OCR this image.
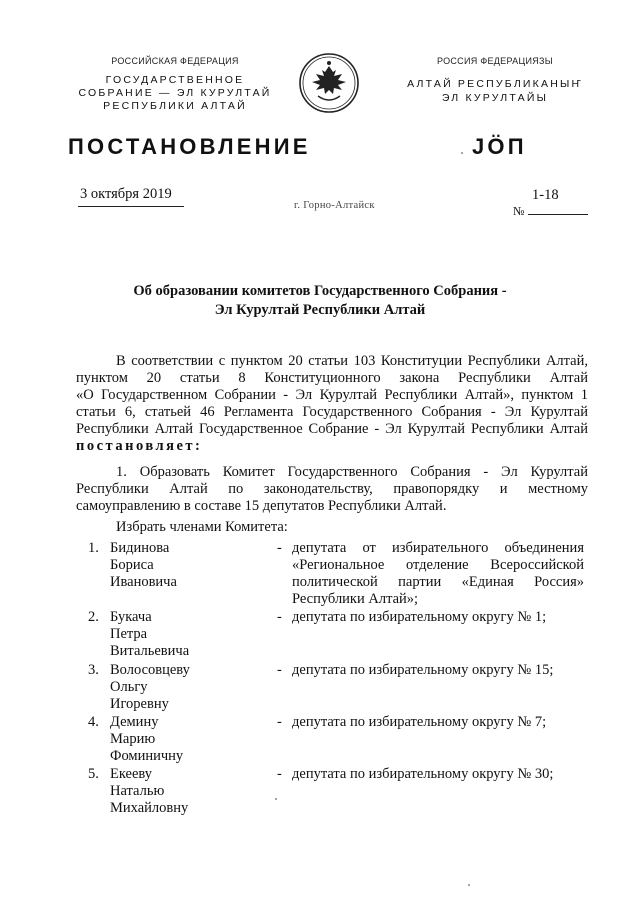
РОССИЙСКАЯ ФЕДЕРАЦИЯ
ГОСУДАРСТВЕННОЕ
СОБРАНИЕ — ЭЛ КУРУЛТАЙ
РЕСПУБЛИКИ АЛТАЙ
РОССИЯ ФЕДЕРАЦИЯЗЫ
АЛТАЙ РЕСПУБЛИКАНЫҤ
ЭЛ КУРУЛТАЙЫ
ПОСТАНОВЛЕНИЕ	ЈӦП
3 октября 2019
г. Горно-Алтайск
1-18
№
Об образовании комитетов Государственного Собрания -
Эл Курултай Республики Алтай
В соответствии с пунктом 20 статьи 103 Конституции Республики Алтай,
пунктом 20 статьи 8 Конституционного закона Республики Алтай
«О Государственном Собрании - Эл Курултай Республики Алтай», пунктом 1
статьи 6, статьей 46 Регламента Государственного Собрания - Эл Курултай
Республики Алтай Государственное Собрание - Эл Курултай Республики Алтай
постановляет:
1. Образовать Комитет Государственного Собрания - Эл Курултай
Республики Алтай по законодательству, правопорядку и местному
самоуправлению в составе 15 депутатов Республики Алтай.
Избрать членами Комитета:
1. Бидинова
Бориса
Ивановича
- депутата от избирательного объединения
«Региональное отделение Всероссийской
политической партии «Единая Россия»
Республики Алтай»;
2. Букача
Петра
Витальевича
- депутата по избирательному округу № 1;
3. Волосовцеву
Ольгу
Игоревну
- депутата по избирательному округу № 15;
4. Демину
Марию
Фоминичну
- депутата по избирательному округу № 7;
5. Екееву
Наталью
Михайловну
- депутата по избирательному округу № 30;
